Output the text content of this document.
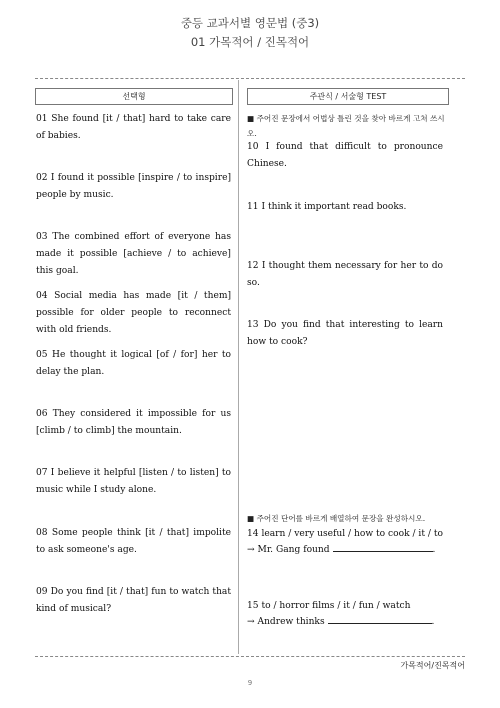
중등 교과서별 영문법 (중3)
01 가목적어 / 진목적어
선택형	주관식 / 서술형 TEST
01 She found [it / that] hard to take care of babies.
02 I found it possible [inspire / to inspire] people by music.
03 The combined effort of everyone has made it possible [achieve / to achieve] this goal.
04 Social media has made [it / them] possible for older people to reconnect with old friends.
05 He thought it logical [of / for] her to delay the plan.
06 They considered it impossible for us [climb / to climb] the mountain.
07 I believe it helpful [listen / to listen] to music while I study alone.
08 Some people think [it / that] impolite to ask someone's age.
09 Do you find [it / that] fun to watch that kind of musical?
■ 주어진 문장에서 어법상 틀린 것을 찾아 바르게 고쳐 쓰시오.
10 I found that difficult to pronounce Chinese.
11 I think it important read books.
12 I thought them necessary for her to do so.
13 Do you find that interesting to learn how to cook?
■ 주어진 단어를 바르게 배열하여 문장을 완성하시오.
14 learn / very useful / how to cook / it / to
→ Mr. Gang found	.
15 to / horror films / it / fun / watch
→ Andrew thinks	.
가목적어/진목적어
9
